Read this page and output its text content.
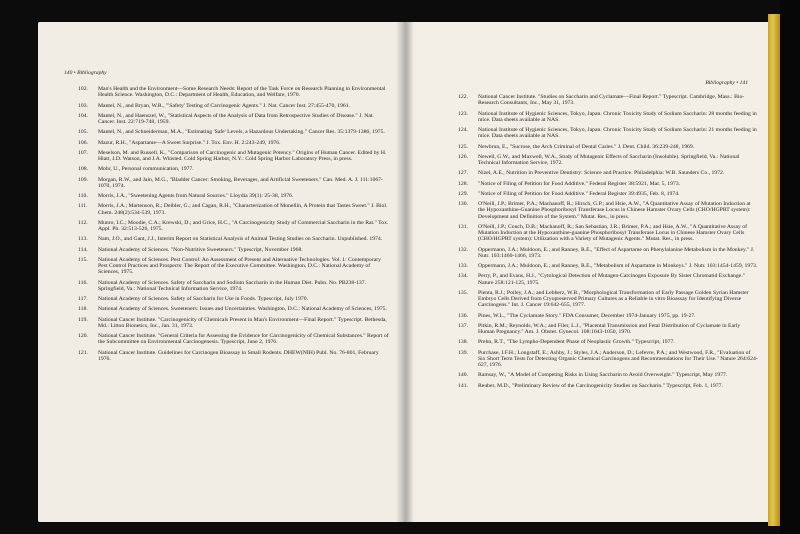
140 • Bibliography
102.	Man's Health and the Environment—Some Research Needs: Report of the Task Force on Research Planning in Environmental Health Science. Washington, D.C.: Department of Health, Education, and Welfare, 1970.
103.	Mantel, N., and Bryan, W.R., "'Safety' Testing of Carcinogenic Agents." J. Nat. Cancer Inst. 27:455-470, 1961.
104.	Mantel, N., and Haenszel, W., "Statistical Aspects of the Analysis of Data from Retrospective Studies of Disease." J. Nat. Cancer. Inst. 22:719-748, 1959.
105.	Mantel, N., and Schneiderman, M.A., "Estimating 'Safe' Levels, a Hazardous Undertaking." Cancer Res. 35:1379-1386, 1975.
106.	Mazur, R.H., "Aspartame—A Sweet Surprise." J. Tox. Env. H. 2:243-249, 1976.
107.	Meselson, M. and Russell, K., "Comparison of Carcinogenic and Mutagenic Potency." Origins of Human Cancer. Edited by H. Hiatt, J.D. Watson, and J.A. Winsted. Cold Spring Harbor, N.Y.: Cold Spring Harbor Laboratory Press, in press.
108.	Mohr, U., Personal communication, 1977.
109.	Morgan, R.W., and Jain, M.G., "Bladder Cancer: Smoking, Beverages, and Artificial Sweeteners." Can. Med. A. J. 111:1067-1070, 1974.
110.	Morris, J.A., "Sweetening Agents from Natural Sources." Lloydia 39(1): 25-38, 1976.
111.	Morris, J.A.; Martenson, R.; Deibler, G.; and Cagan, R.H., "Characterization of Monellin, A Protein that Tastes Sweet." J. Biol. Chem. 248(2):534-539, 1973.
112.	Munro, I.C.; Moodie, C.A.; Krewski, D.; and Grice, H.C., "A Carcinogenicity Study of Commercial Saccharin in the Rat." Tox. Appl. Ph. 32:513-526, 1975.
113.	Nam, J.O., and Gant, J.J., Interim Report on Statistical Analysis of Animal Testing Studies on Saccharin. Unpublished. 1974.
114.	National Academy of Sciences. "Non-Nutritive Sweeteners." Typescript, November 1968.
115.	National Academy of Sciences. Pest Control: An Assessment of Present and Alternative Technologies. Vol. 1: Contemporary Pest Control Practices and Prospects: The Report of the Executive Committee. Washington, D.C.: National Academy of Sciences, 1975.
116.	National Academy of Sciences. Safety of Saccharin and Sodium Saccharin in the Human Diet. Pubn. No. PB238-137. Springfield, Va.: National Technical Information Service, 1974.
117.	National Academy of Sciences. Safety of Saccharin for Use in Foods. Typescript, July 1970.
118.	National Academy of Sciences. Sweeteners: Issues and Uncertainties. Washington, D.C.: National Academy of Sciences, 1975.
119.	National Cancer Institute. "Carcinogenicity of Chemicals Present in Man's Environment—Final Report." Typescript. Bethesda, Md.: Litton Bionetics, Inc., Jan. 31, 1973.
120.	National Cancer Institute. "General Criteria for Assessing the Evidence for Carcinogenicity of Chemical Substances." Report of the Subcommittee on Environmental Carcinogenesis. Typescript, June 2, 1976.
121.	National Cancer Institute. Guidelines for Carcinogen Bioassay in Small Rodents. DHEW(NIH) Publ. No. 76-801, February 1976.
Bibliography • 141
122.	National Cancer Institute. "Studies on Saccharin and Cyclamate—Final Report." Typescript. Cambridge, Mass.: Bio-Research Consultants, Inc., May 31, 1973.
123.	National Institute of Hygienic Sciences, Tokyo, Japan. Chronic Toxicity Study of Sodium Saccharin: 28 months feeding in mice. Data sheets available at NAS.
124.	National Institute of Hygienic Sciences, Tokyo, Japan. Chronic Toxicity Study of Sodium Saccharin: 21 months feeding in mice. Data sheets available at NAS.
125.	Newbrun, E., "Sucrose, the Arch Criminal of Dental Caries." J. Dent. Child. 36:239-248, 1969.
126.	Newell, G.W., and Maxwell, W.A., Study of Mutagenic Effects of Saccharin (Insoluble). Springfield, Va.: National Technical Information Service, 1972.
127.	Nizel, A.E., Nutrition in Preventive Dentistry: Science and Practice. Philadelphia: W.B. Saunders Co., 1972.
128.	"Notice of Filing of Petition for Food Additive." Federal Register 38:5921, Mar. 5, 1973.
129.	"Notice of Filing of Petition for Food Additive." Federal Register 39:4935, Feb. 8, 1974.
130.	O'Neill, J.P.; Brimer, P.A.; Machanoff, R.; Hirsch, G.P.; and Hsie, A.W., "A Quantitative Assay of Mutation Induction at the Hypoxanthine-Guanine Phosphoribosyl Transferase Locus in Chinese Hamster Ovary Cells (CHO/HGPRT system): Development and Definition of the System." Mutat. Res., in press.
131.	O'Neill, J.P.; Couch, D.B.; Machanoff, R.; San Sebastian, J.R.; Brimer, P.A.; and Hsie, A.W., "A Quantitative Assay of Mutation Induction at the Hypoxanthine-guanine Phosphoribosyl Transferase Locus in Chinese Hamster Ovary Cells (CHO/HGPRT system): Utilization with a Variety of Mutagenic Agents." Mutat. Res., in press.
132.	Oppermann, J.A.; Muldoon, E.; and Ranney, R.E., "Effect of Aspartame on Phenylalanine Metabolism in the Monkey." J. Nutr. 103:1460-1466, 1973.
133.	Oppermann, J.A.; Muldoon, E.; and Ranney, R.E., "Metabolism of Aspartame in Monkeys." J. Nutr. 103:1454-1459, 1973.
134.	Perry, P., and Evans, H.J., "Cytological Detection of Mutagen-Carcinogen Exposure By Sister Chromatid Exchange." Nature 258:121-125, 1975.
135.	Pienta, R.J.; Poiley, J.A.; and Lebherz, W.B., "Morphological Transformation of Early Passage Golden Syrian Hamster Embryo Cells Derived from Cryopreserved Primary Cultures as a Reliable in vitro Bioassay for Identifying Diverse Carcinogens." Int. J. Cancer 19:642-655, 1977.
136.	Pines, W.L., "The Cyclamate Story." FDA Consumer, December 1974-January 1975, pp. 19-27.
137.	Pitkin, R.M.; Reynolds, W.A.; and Filer, L.J., "Placental Transmission and Fetal Distribution of Cyclamate in Early Human Pregnancy." Am. J. Obstet. Gynecol. 108:1043-1050, 1970.
138.	Prehn, R.T., "The Lympho-Dependent Phase of Neoplastic Growth." Typescript, 1977.
139.	Purchase, I.F.H.; Longstaff, E.; Ashby, J.; Styles, J.A.; Anderson, D.; Lefevre, P.A.; and Westwood, F.R., "Evaluation of Six Short Term Tests for Detecting Organic Chemical Carcinogens and Recommendations for Their Use." Nature 264:624-627, 1976.
140.	Ramsay, W., "A Model of Competing Risks in Using Saccharin to Avoid Overweight." Typescript, May 1977.
141.	Reuber, M.D., "Preliminary Review of the Carcinogenicity Studies on Saccharin." Typescript, Feb. 1, 1977.
